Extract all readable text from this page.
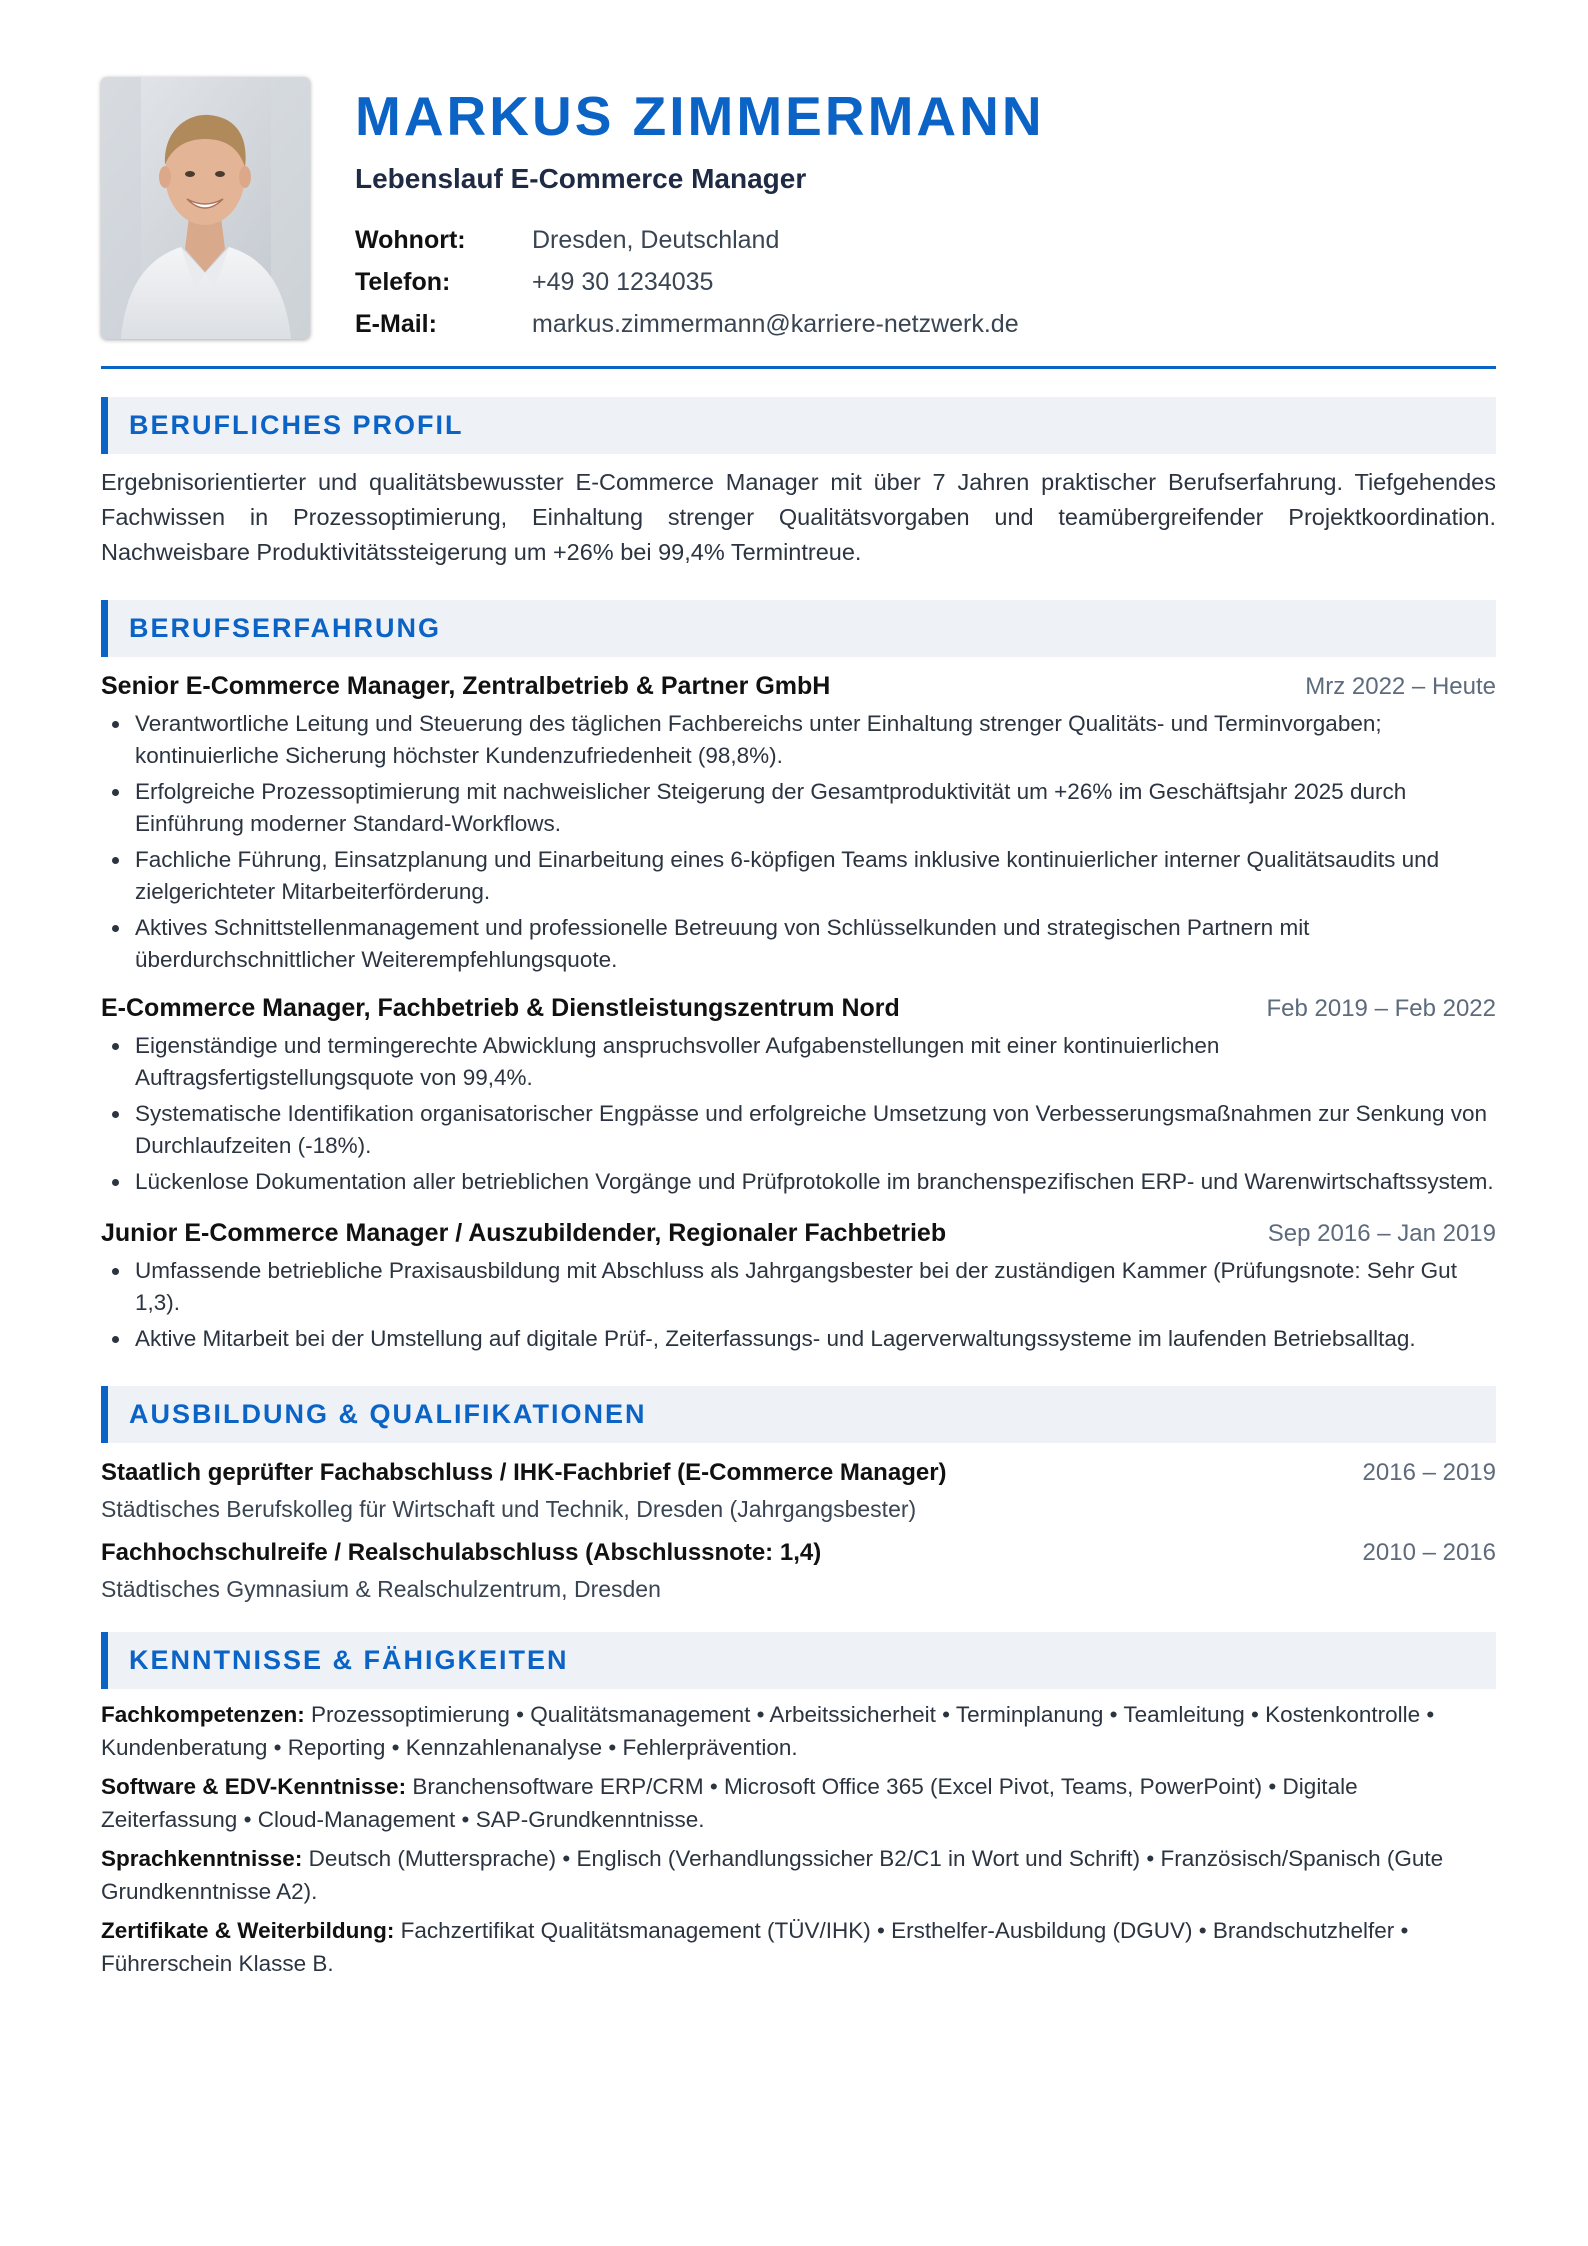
MARKUS ZIMMERMANN
Lebenslauf E-Commerce Manager
Wohnort:	Dresden, Deutschland
Telefon:	+49 30 1234035
E-Mail:	markus.zimmermann@karriere-netzwerk.de
BERUFLICHES PROFIL
Ergebnisorientierter und qualitätsbewusster E-Commerce Manager mit über 7 Jahren praktischer Berufserfahrung. Tiefgehendes Fachwissen in Prozessoptimierung, Einhaltung strenger Qualitätsvorgaben und teamübergreifender Projektkoordination. Nachweisbare Produktivitätssteigerung um +26% bei 99,4% Termintreue.
BERUFSERFAHRUNG
Senior E-Commerce Manager, Zentralbetrieb & Partner GmbH	Mrz 2022 – Heute
Verantwortliche Leitung und Steuerung des täglichen Fachbereichs unter Einhaltung strenger Qualitäts- und Terminvorgaben; kontinuierliche Sicherung höchster Kundenzufriedenheit (98,8%).
Erfolgreiche Prozessoptimierung mit nachweislicher Steigerung der Gesamtproduktivität um +26% im Geschäftsjahr 2025 durch Einführung moderner Standard-Workflows.
Fachliche Führung, Einsatzplanung und Einarbeitung eines 6-köpfigen Teams inklusive kontinuierlicher interner Qualitätsaudits und zielgerichteter Mitarbeiterförderung.
Aktives Schnittstellenmanagement und professionelle Betreuung von Schlüsselkunden und strategischen Partnern mit überdurchschnittlicher Weiterempfehlungsquote.
E-Commerce Manager, Fachbetrieb & Dienstleistungszentrum Nord	Feb 2019 – Feb 2022
Eigenständige und termingerechte Abwicklung anspruchsvoller Aufgabenstellungen mit einer kontinuierlichen Auftragsfertigstellungsquote von 99,4%.
Systematische Identifikation organisatorischer Engpässe und erfolgreiche Umsetzung von Verbesserungsmaßnahmen zur Senkung von Durchlaufzeiten (-18%).
Lückenlose Dokumentation aller betrieblichen Vorgänge und Prüfprotokolle im branchenspezifischen ERP- und Warenwirtschaftssystem.
Junior E-Commerce Manager / Auszubildender, Regionaler Fachbetrieb	Sep 2016 – Jan 2019
Umfassende betriebliche Praxisausbildung mit Abschluss als Jahrgangsbester bei der zuständigen Kammer (Prüfungsnote: Sehr Gut 1,3).
Aktive Mitarbeit bei der Umstellung auf digitale Prüf-, Zeiterfassungs- und Lagerverwaltungssysteme im laufenden Betriebsalltag.
AUSBILDUNG & QUALIFIKATIONEN
Staatlich geprüfter Fachabschluss / IHK-Fachbrief (E-Commerce Manager)	2016 – 2019
Städtisches Berufskolleg für Wirtschaft und Technik, Dresden (Jahrgangsbester)
Fachhochschulreife / Realschulabschluss (Abschlussnote: 1,4)	2010 – 2016
Städtisches Gymnasium & Realschulzentrum, Dresden
KENNTNISSE & FÄHIGKEITEN
Fachkompetenzen: Prozessoptimierung • Qualitätsmanagement • Arbeitssicherheit • Terminplanung • Teamleitung • Kostenkontrolle • Kundenberatung • Reporting • Kennzahlenanalyse • Fehlerprävention.
Software & EDV-Kenntnisse: Branchensoftware ERP/CRM • Microsoft Office 365 (Excel Pivot, Teams, PowerPoint) • Digitale Zeiterfassung • Cloud-Management • SAP-Grundkenntnisse.
Sprachkenntnisse: Deutsch (Muttersprache) • Englisch (Verhandlungssicher B2/C1 in Wort und Schrift) • Französisch/Spanisch (Gute Grundkenntnisse A2).
Zertifikate & Weiterbildung: Fachzertifikat Qualitätsmanagement (TÜV/IHK) • Ersthelfer-Ausbildung (DGUV) • Brandschutzhelfer • Führerschein Klasse B.
